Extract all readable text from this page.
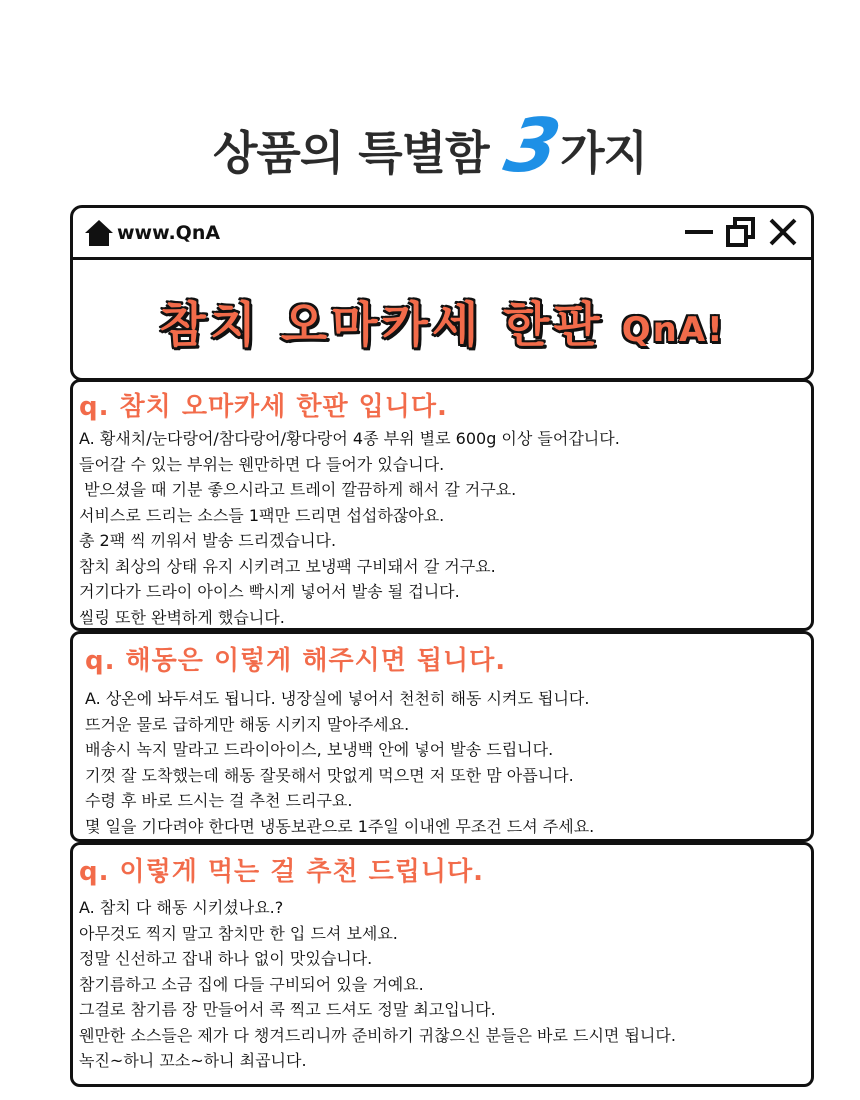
상품의 특별함 3
가지
www.QnA
참치 오마카세 한판 QnA!
q. 참치 오마카세 한판 입니다.

A. 황새치/눈다랑어/참다랑어/황다랑어 4종 부위 별로 600g 이상 들어갑니다.

들어갈 수 있는 부위는 웬만하면 다 들어가 있습니다.

받으셨을 때 기분 좋으시라고 트레이 깔끔하게 해서 갈 거구요.

서비스로 드리는 소스들 1팩만 드리면 섭섭하잖아요.

총 2팩 씩 끼워서 발송 드리겠습니다.

참치 최상의 상태 유지 시키려고 보냉팩 구비돼서 갈 거구요.

거기다가 드라이 아이스 빡시게 넣어서 발송 될 겁니다.

씰링 또한 완벽하게 했습니다.

q. 해동은 이렇게 해주시면 됩니다.

A. 상온에 놔두셔도 됩니다. 냉장실에 넣어서 천천히 해동 시켜도 됩니다.

뜨거운 물로 급하게만 해동 시키지 말아주세요.

배송시 녹지 말라고 드라이아이스, 보냉백 안에 넣어 발송 드립니다.

기껏 잘 도착했는데 해동 잘못해서 맛없게 먹으면 저 또한 맘 아픕니다.

수령 후 바로 드시는 걸 추천 드리구요.

몇 일을 기다려야 한다면 냉동보관으로 1주일 이내엔 무조건 드셔 주세요.

q. 이렇게 먹는 걸 추천 드립니다.

A. 참치 다 해동 시키셨나요.?

아무것도 찍지 말고 참치만 한 입 드셔 보세요.

정말 신선하고 잡내 하나 없이 맛있습니다.

참기름하고 소금 집에 다들 구비되어 있을 거예요.

그걸로 참기름 장 만들어서 콕 찍고 드셔도 정말 최고입니다.

웬만한 소스들은 제가 다 챙겨드리니까 준비하기 귀찮으신 분들은 바로 드시면 됩니다.

녹진~하니 꼬소~하니 최곱니다.
